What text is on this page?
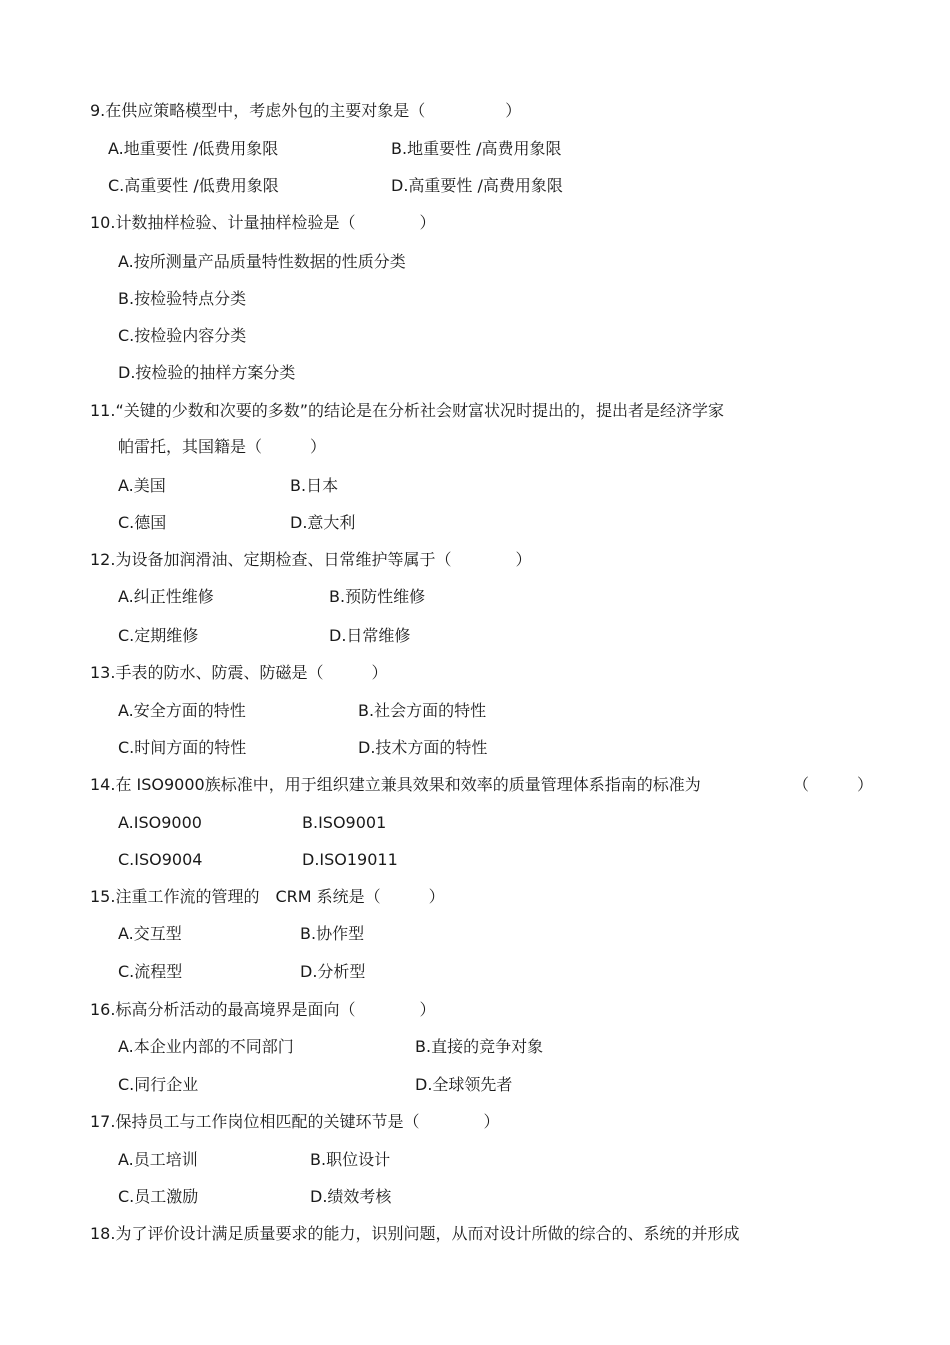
9.在供应策略模型中，考虑外包的主要对象是（　　　　　）

A.地重要性 /低费用象限	B.地重要性 /高费用象限

C.高重要性 /低费用象限	D.高重要性 /高费用象限

10.计数抽样检验、计量抽样检验是（　　　　）

A.按所测量产品质量特性数据的性质分类

B.按检验特点分类

C.按检验内容分类

D.按检验的抽样方案分类

11.“关键的少数和次要的多数”的结论是在分析社会财富状况时提出的，提出者是经济学家

帕雷托，其国籍是（　　　）

A.美国	B.日本

C.德国	D.意大利

12.为设备加润滑油、定期检查、日常维护等属于（　　　　）

A.纠正性维修	B.预防性维修

C.定期维修	D.日常维修

13.手表的防水、防震、防磁是（　　　）

A.安全方面的特性	B.社会方面的特性

C.时间方面的特性	D.技术方面的特性

14.在 ISO9000族标准中，用于组织建立兼具效果和效率的质量管理体系指南的标准为	（　　　）

A.ISO9000	B.ISO9001

C.ISO9004	D.ISO19011

15.注重工作流的管理的　CRM 系统是（　　　）

A.交互型	B.协作型

C.流程型	D.分析型

16.标高分析活动的最高境界是面向（　　　　）

A.本企业内部的不同部门	B.直接的竞争对象

C.同行企业	D.全球领先者

17.保持员工与工作岗位相匹配的关键环节是（　　　　）

A.员工培训	B.职位设计

C.员工激励	D.绩效考核

18.为了评价设计满足质量要求的能力，识别问题，从而对设计所做的综合的、系统的并形成
